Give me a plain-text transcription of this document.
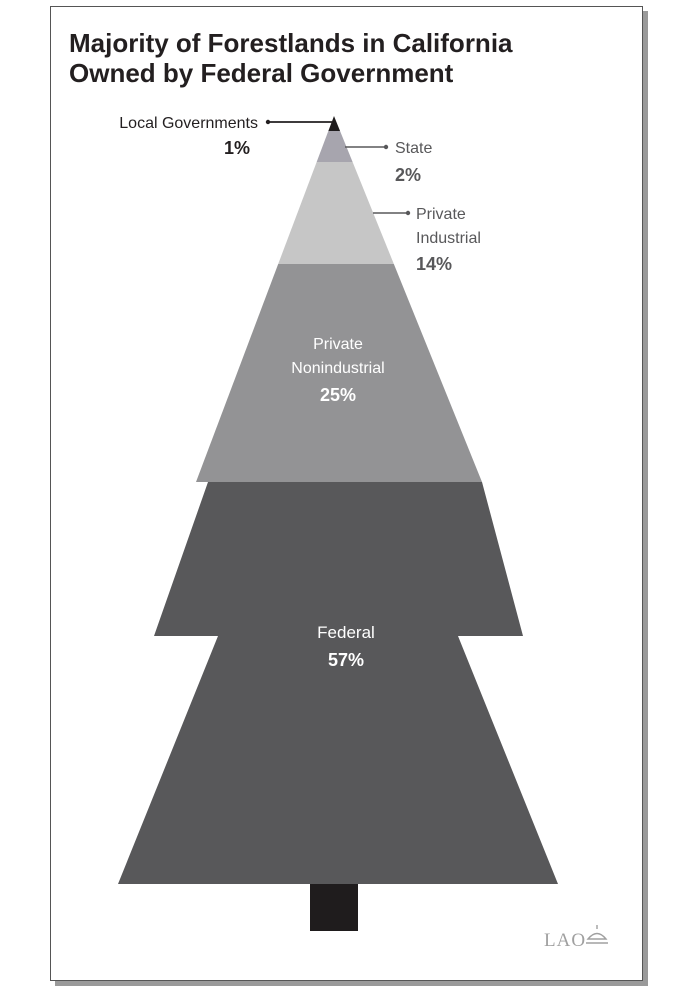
Majority of Forestlands in California
Owned by Federal Government
Local Governments
1%	State
2%
Private
Industrial
14%
Private
Nonindustrial
25%
Federal
57%
LAO
